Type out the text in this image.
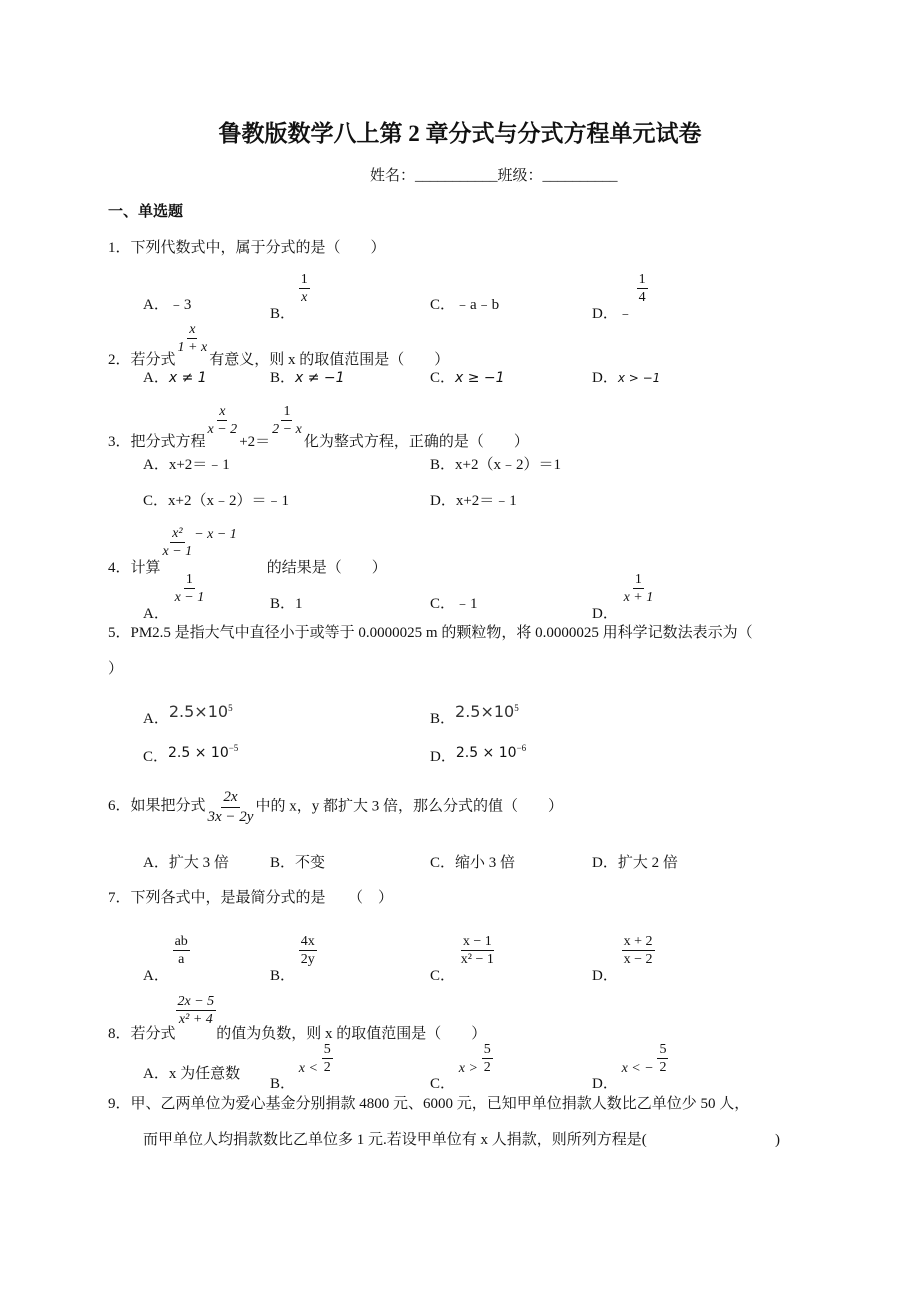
鲁教版数学八上第 2 章分式与分式方程单元试卷
姓名：___________班级：__________
一、单选题
1．下列代数式中，属于分式的是（　　）
A．﹣3
B．
$\frac{1}{x}$	C．﹣a﹣b
D．﹣
$\frac{1}{4}$
2．若分式
$\frac{x}{1 + x}$
有意义，则 x 的取值范围是（　　）
A．x ≠ 1	B．x ≠ −1	C．x ≥ −1	D．x > −1
3．把分式方程
$\frac{x}{x - 2}$
+2＝
$\frac{1}{2 - x}$
化为整式方程，正确的是（　　）
A．x+2＝﹣1	B．x+2（x﹣2）＝1
C．x+2（x﹣2）＝﹣1	D．x+2＝﹣1
4．计算
$\frac{\text{x²}}{x - 1} - x - 1$的结果是（　　）
A．
$\frac{1}{x - 1}$	B．1	C．﹣1
D．
$\frac{1}{x + 1}$
5．PM2.5 是指大气中直径小于或等于 0.0000025 m 的颗粒物，将 0.0000025 用科学记数法表示为（
）
A．$2.5\times 10^5$
B．$2.5\times 10^5$
C．$2.5 \times 10^{-5}$
D．$2.5 \times 10^{-6}$
6．如果把分式 $\frac{2x}{3x - 2y}$ 中的 x，y 都扩大 3 倍，那么分式的值（　　）
A．扩大 3 倍	B．不变	C．缩小 3 倍	D．扩大 2 倍
7．下列各式中，是最简分式的是　　（　）
A．
$\frac{ab}{a}$
B．
$\frac{4x}{2y}$
C．
$\frac{x - 1}{\text{x² − 1}}$
D．
$\frac{x + 2}{x - 2}$
8．若分式
$\frac{2x - 5}{\text{x² + 4}}$
的值为负数，则 x 的取值范围是（　　）
A．x 为任意数
B． $x < \frac{5}{2}$
C． $x > \frac{5}{2}$
D． x < − $\frac{5}{2}$
9．甲、乙两单位为爱心基金分别捐款 4800 元、6000 元，已知甲单位捐款人数比乙单位少 50 人，
而甲单位人均捐款数比乙单位多 1 元.若设甲单位有 x 人捐款，则所列方程是(	)
